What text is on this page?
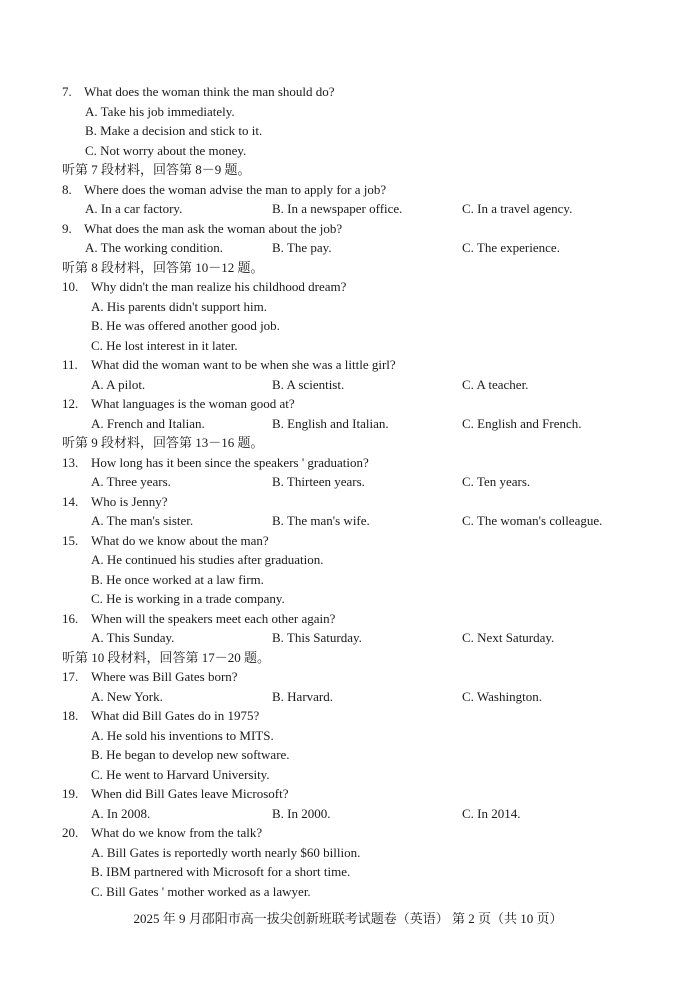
7. What does the woman think the man should do?
A. Take his job immediately.
B. Make a decision and stick to it.
C. Not worry about the money.
听第 7 段材料，回答第 8－9 题。
8. Where does the woman advise the man to apply for a job?
A. In a car factory.	B. In a newspaper office.	C. In a travel agency.
9. What does the man ask the woman about the job?
A. The working condition.	B. The pay.	C. The experience.
听第 8 段材料，回答第 10－12 题。
10. Why didn't the man realize his childhood dream?
A. His parents didn't support him.
B. He was offered another good job.
C. He lost interest in it later.
11. What did the woman want to be when she was a little girl?
A. A pilot.	B. A scientist.	C. A teacher.
12. What languages is the woman good at?
A. French and Italian.	B. English and Italian.	C. English and French.
听第 9 段材料，回答第 13－16 题。
13. How long has it been since the speakers ' graduation?
A. Three years.	B. Thirteen years.	C. Ten years.
14. Who is Jenny?
A. The man's sister.	B. The man's wife.	C. The woman's colleague.
15. What do we know about the man?
A. He continued his studies after graduation.
B. He once worked at a law firm.
C. He is working in a trade company.
16. When will the speakers meet each other again?
A. This Sunday.	B. This Saturday.	C. Next Saturday.
听第 10 段材料，回答第 17－20 题。
17. Where was Bill Gates born?
A. New York.	B. Harvard.	C. Washington.
18. What did Bill Gates do in 1975?
A. He sold his inventions to MITS.
B. He began to develop new software.
C. He went to Harvard University.
19. When did Bill Gates leave Microsoft?
A. In 2008.	B. In 2000.	C. In 2014.
20. What do we know from the talk?
A. Bill Gates is reportedly worth nearly $60 billion.
B. IBM partnered with Microsoft for a short time.
C. Bill Gates ' mother worked as a lawyer.
2025 年 9 月邵阳市高一拔尖创新班联考试题卷（英语） 第 2 页（共 10 页）
